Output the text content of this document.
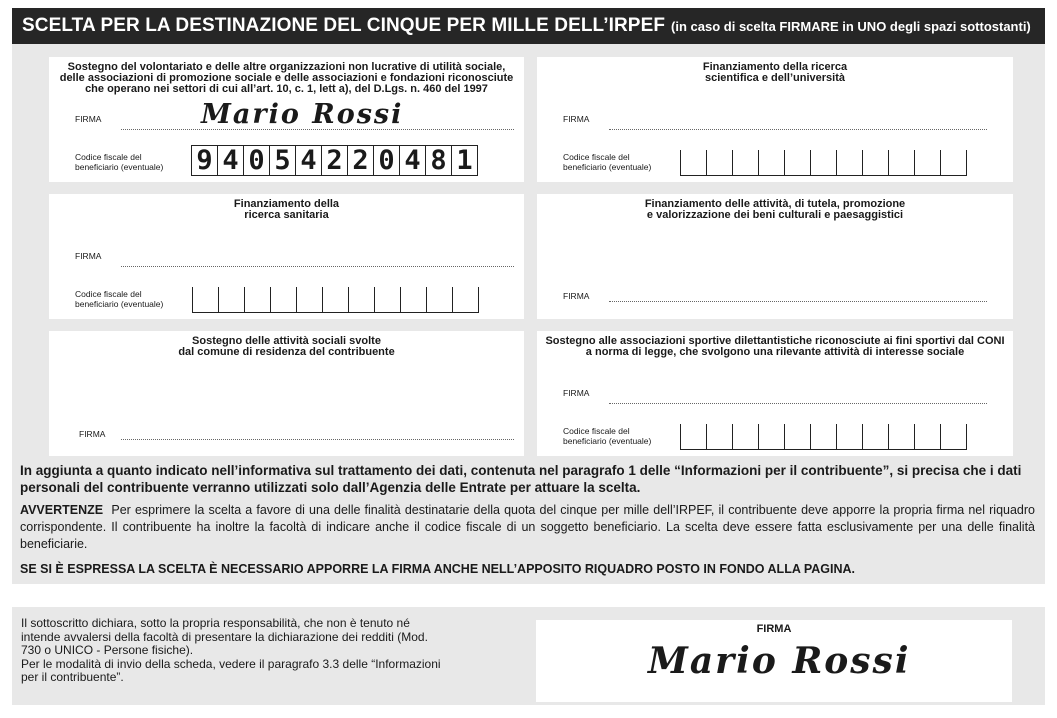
SCELTA PER LA DESTINAZIONE DEL CINQUE PER MILLE DELL’IRPEF (in caso di scelta FIRMARE in UNO degli spazi sottostanti)
Sostegno del volontariato e delle altre organizzazioni non lucrative di utilità sociale,
delle associazioni di promozione sociale e delle associazioni e fondazioni riconosciute
che operano nei settori di cui all’art. 10, c. 1, lett a), del D.Lgs. n. 460 del 1997
FIRMA	Mario Rossi
Codice fiscale del
beneficiario (eventuale) 9 4 0 5 4 2 2 0 4 8 1
Finanziamento della ricerca
scientifica e dell’università
FIRMA
Codice fiscale del
beneficiario (eventuale)
Finanziamento della
ricerca sanitaria
FIRMA
Codice fiscale del
beneficiario (eventuale)
Finanziamento delle attività, di tutela, promozione
e valorizzazione dei beni culturali e paesaggistici
FIRMA
Sostegno delle attività sociali svolte
dal comune di residenza del contribuente
FIRMA
Sostegno alle associazioni sportive dilettantistiche riconosciute ai fini sportivi dal CONI
a norma di legge, che svolgono una rilevante attività di interesse sociale
FIRMA
Codice fiscale del
beneficiario (eventuale)
In aggiunta a quanto indicato nell’informativa sul trattamento dei dati, contenuta nel paragrafo 1 delle “Informazioni per il contribuente”, si precisa che i dati personali del contribuente verranno utilizzati solo dall’Agenzia delle Entrate per attuare la scelta.
AVVERTENZE Per esprimere la scelta a favore di una delle finalità destinatarie della quota del cinque per mille dell’IRPEF, il contribuente deve apporre la propria firma nel riquadro corrispondente. Il contribuente ha inoltre la facoltà di indicare anche il codice fiscale di un soggetto beneficiario. La scelta deve essere fatta esclusivamente per una delle finalità beneficiarie.
SE SI È ESPRESSA LA SCELTA È NECESSARIO APPORRE LA FIRMA ANCHE NELL’APPOSITO RIQUADRO POSTO IN FONDO ALLA PAGINA.
Il sottoscritto dichiara, sotto la propria responsabilità, che non è tenuto né
intende avvalersi della facoltà di presentare la dichiarazione dei redditi (Mod.
730 o UNICO - Persone fisiche).
Per le modalità di invio della scheda, vedere il paragrafo 3.3 delle “Informazioni
per il contribuente”.
FIRMA
Mario Rossi
